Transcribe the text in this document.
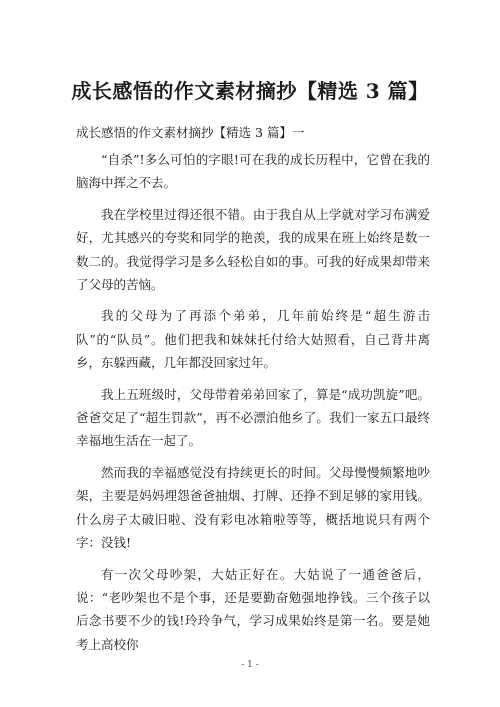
成长感悟的作文素材摘抄【精选 3 篇】
成长感悟的作文素材摘抄【精选 3 篇】一

“自杀”!多么可怕的字眼!可在我的成长历程中，它曾在我的脑海中挥之不去。

我在学校里过得还很不错。由于我自从上学就对学习布满爱好，尤其感兴的夸奖和同学的艳羡，我的成果在班上始终是数一数二的。我觉得学习是多么轻松自如的事。可我的好成果却带来了父母的苦恼。

我的父母为了再添个弟弟，几年前始终是“超生游击队”的“队员”。他们把我和妹妹托付给大姑照看，自己背井离乡，东躲西藏，几年都没回家过年。

我上五班级时，父母带着弟弟回家了，算是“成功凯旋”吧。爸爸交足了“超生罚款”，再不必漂泊他乡了。我们一家五口最终幸福地生活在一起了。

然而我的幸福感觉没有持续更长的时间。父母慢慢频繁地吵架，主要是妈妈埋怨爸爸抽烟、打牌、还挣不到足够的家用钱。什么房子太破旧啦、没有彩电冰箱啦等等，概括地说只有两个字：没钱!

有一次父母吵架，大姑正好在。大姑说了一通爸爸后，说：“老吵架也不是个事，还是要勤奋勉强地挣钱。三个孩子以后念书要不少的钱!玲玲争气，学习成果始终是第一名。要是她考上高校你

- 1 -
